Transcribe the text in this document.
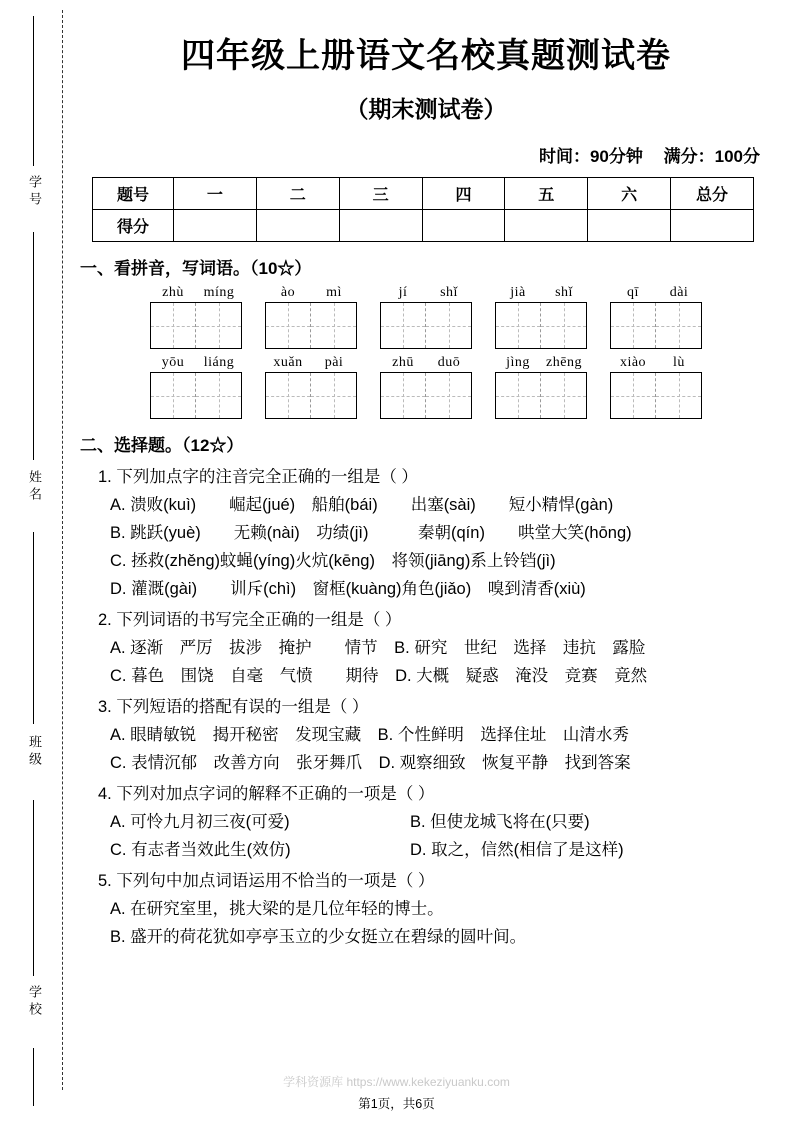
学号
姓名
班级
学校
四年级上册语文名校真题测试卷
（期末测试卷）
时间：90分钟 满分：100分
题号	一	二	三	四	五	六	总分
得分							
一、看拼音，写词语。（10☆）
zhù	míng	ào	mì	jí	shǐ	jià	shǐ	qī	dài
yōu	liáng	xuǎn	pài	zhū	duō	jìng	zhēng	xiào	lù
二、选择题。（12☆）
1. 下列加点字的注音完全正确的一组是（ ）
A. 溃败(kuì)　　崛起(jué)　船舶(bái)　　出塞(sài)　　短小精悍(gàn)
B. 跳跃(yuè)　　无赖(nài)　功绩(jì)　　　秦朝(qín)　　哄堂大笑(hōng)
C. 拯救(zhěng)蚊蝇(yíng)火炕(kēng)　将领(jiāng)系上铃铛(jì)
D. 灌溉(gài)　　训斥(chì)　窗框(kuàng)角色(jiǎo)　嗅到清香(xiù)
2. 下列词语的书写完全正确的一组是（ ）
A. 逐渐　严厉　拔涉　掩护　　情节　B. 研究　世纪　选择　违抗　露脸
C. 暮色　围饶　自毫　气愤　　期待　D. 大概　疑惑　淹没　竞赛　竟然
3. 下列短语的搭配有误的一组是（ ）
A. 眼睛敏锐　揭开秘密　发现宝藏　B. 个性鲜明　选择住址　山清水秀
C. 表情沉郁　改善方向　张牙舞爪　D. 观察细致　恢复平静　找到答案
4. 下列对加点字词的解释不正确的一项是（ ）
A. 可怜九月初三夜(可爱)	B. 但使龙城飞将在(只要)
C. 有志者当效此生(效仿)	D. 取之，信然(相信了是这样)
5. 下列句中加点词语运用不恰当的一项是（ ）
A. 在研究室里，挑大梁的是几位年轻的博士。
B. 盛开的荷花犹如亭亭玉立的少女挺立在碧绿的圆叶间。
学科资源库 https://www.kekeziyuanku.com
第1页，共6页
